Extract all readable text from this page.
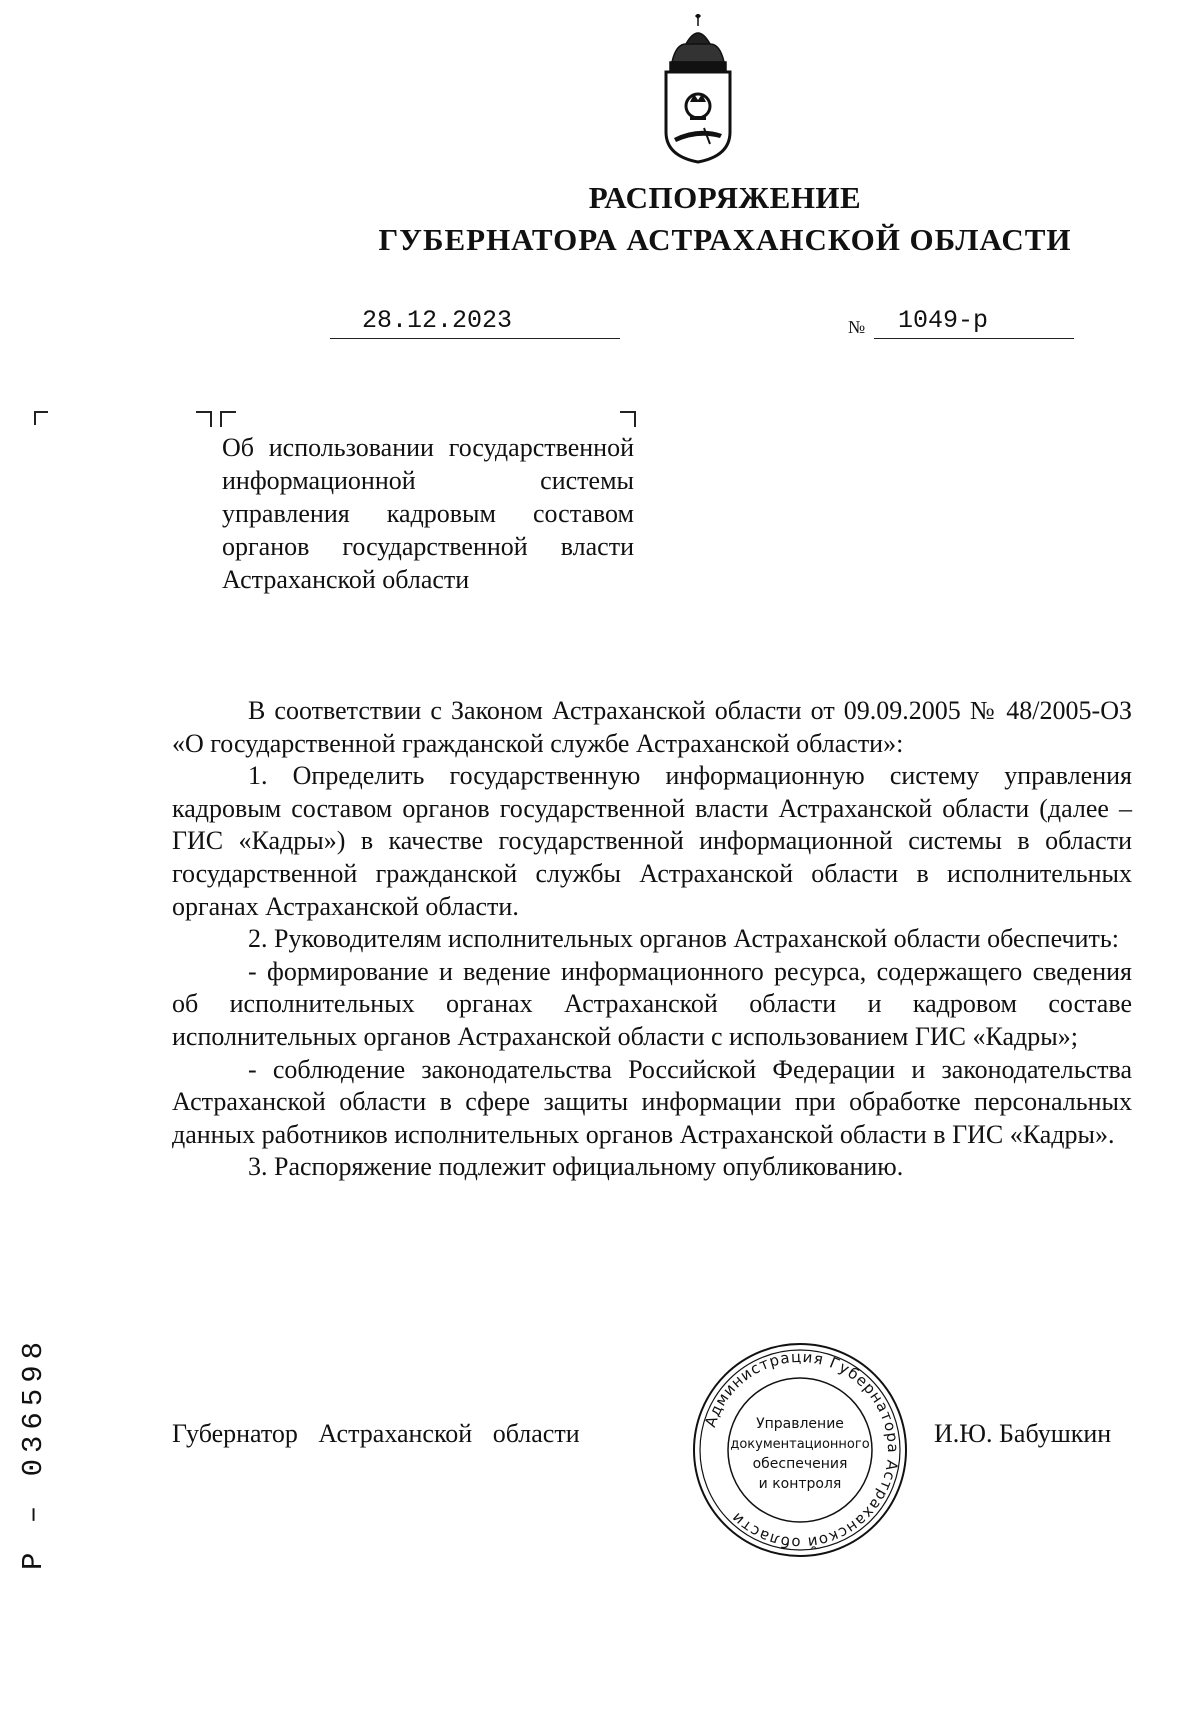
РАСПОРЯЖЕНИЕ
ГУБЕРНАТОРА АСТРАХАНСКОЙ ОБЛАСТИ
28.12.2023	№	1049-р

Об использовании государственной информационной системы управления кадровым составом органов государственной власти Астраханской области

В соответствии с Законом Астраханской области от 09.09.2005 № 48/2005-ОЗ «О государственной гражданской службе Астраханской области»:

1. Определить государственную информационную систему управления кадровым составом органов государственной власти Астраханской области (далее – ГИС «Кадры») в качестве государственной информационной системы в области государственной гражданской службы Астраханской области в исполнительных органах Астраханской области.

2. Руководителям исполнительных органов Астраханской области обеспечить:

- формирование и ведение информационного ресурса, содержащего сведения об исполнительных органах Астраханской области и кадровом составе исполнительных органов Астраханской области с использованием ГИС «Кадры»;

- соблюдение законодательства Российской Федерации и законодательства Астраханской области в сфере защиты информации при обработке персональных данных работников исполнительных органов Астраханской области в ГИС «Кадры».

3. Распоряжение подлежит официальному опубликованию.

Губернатор Астраханской области	Администрация Губернатора Астраханской области
Управление
документационного
обеспечения
и контроля
И.Ю. Бабушкин
Р – 036598
